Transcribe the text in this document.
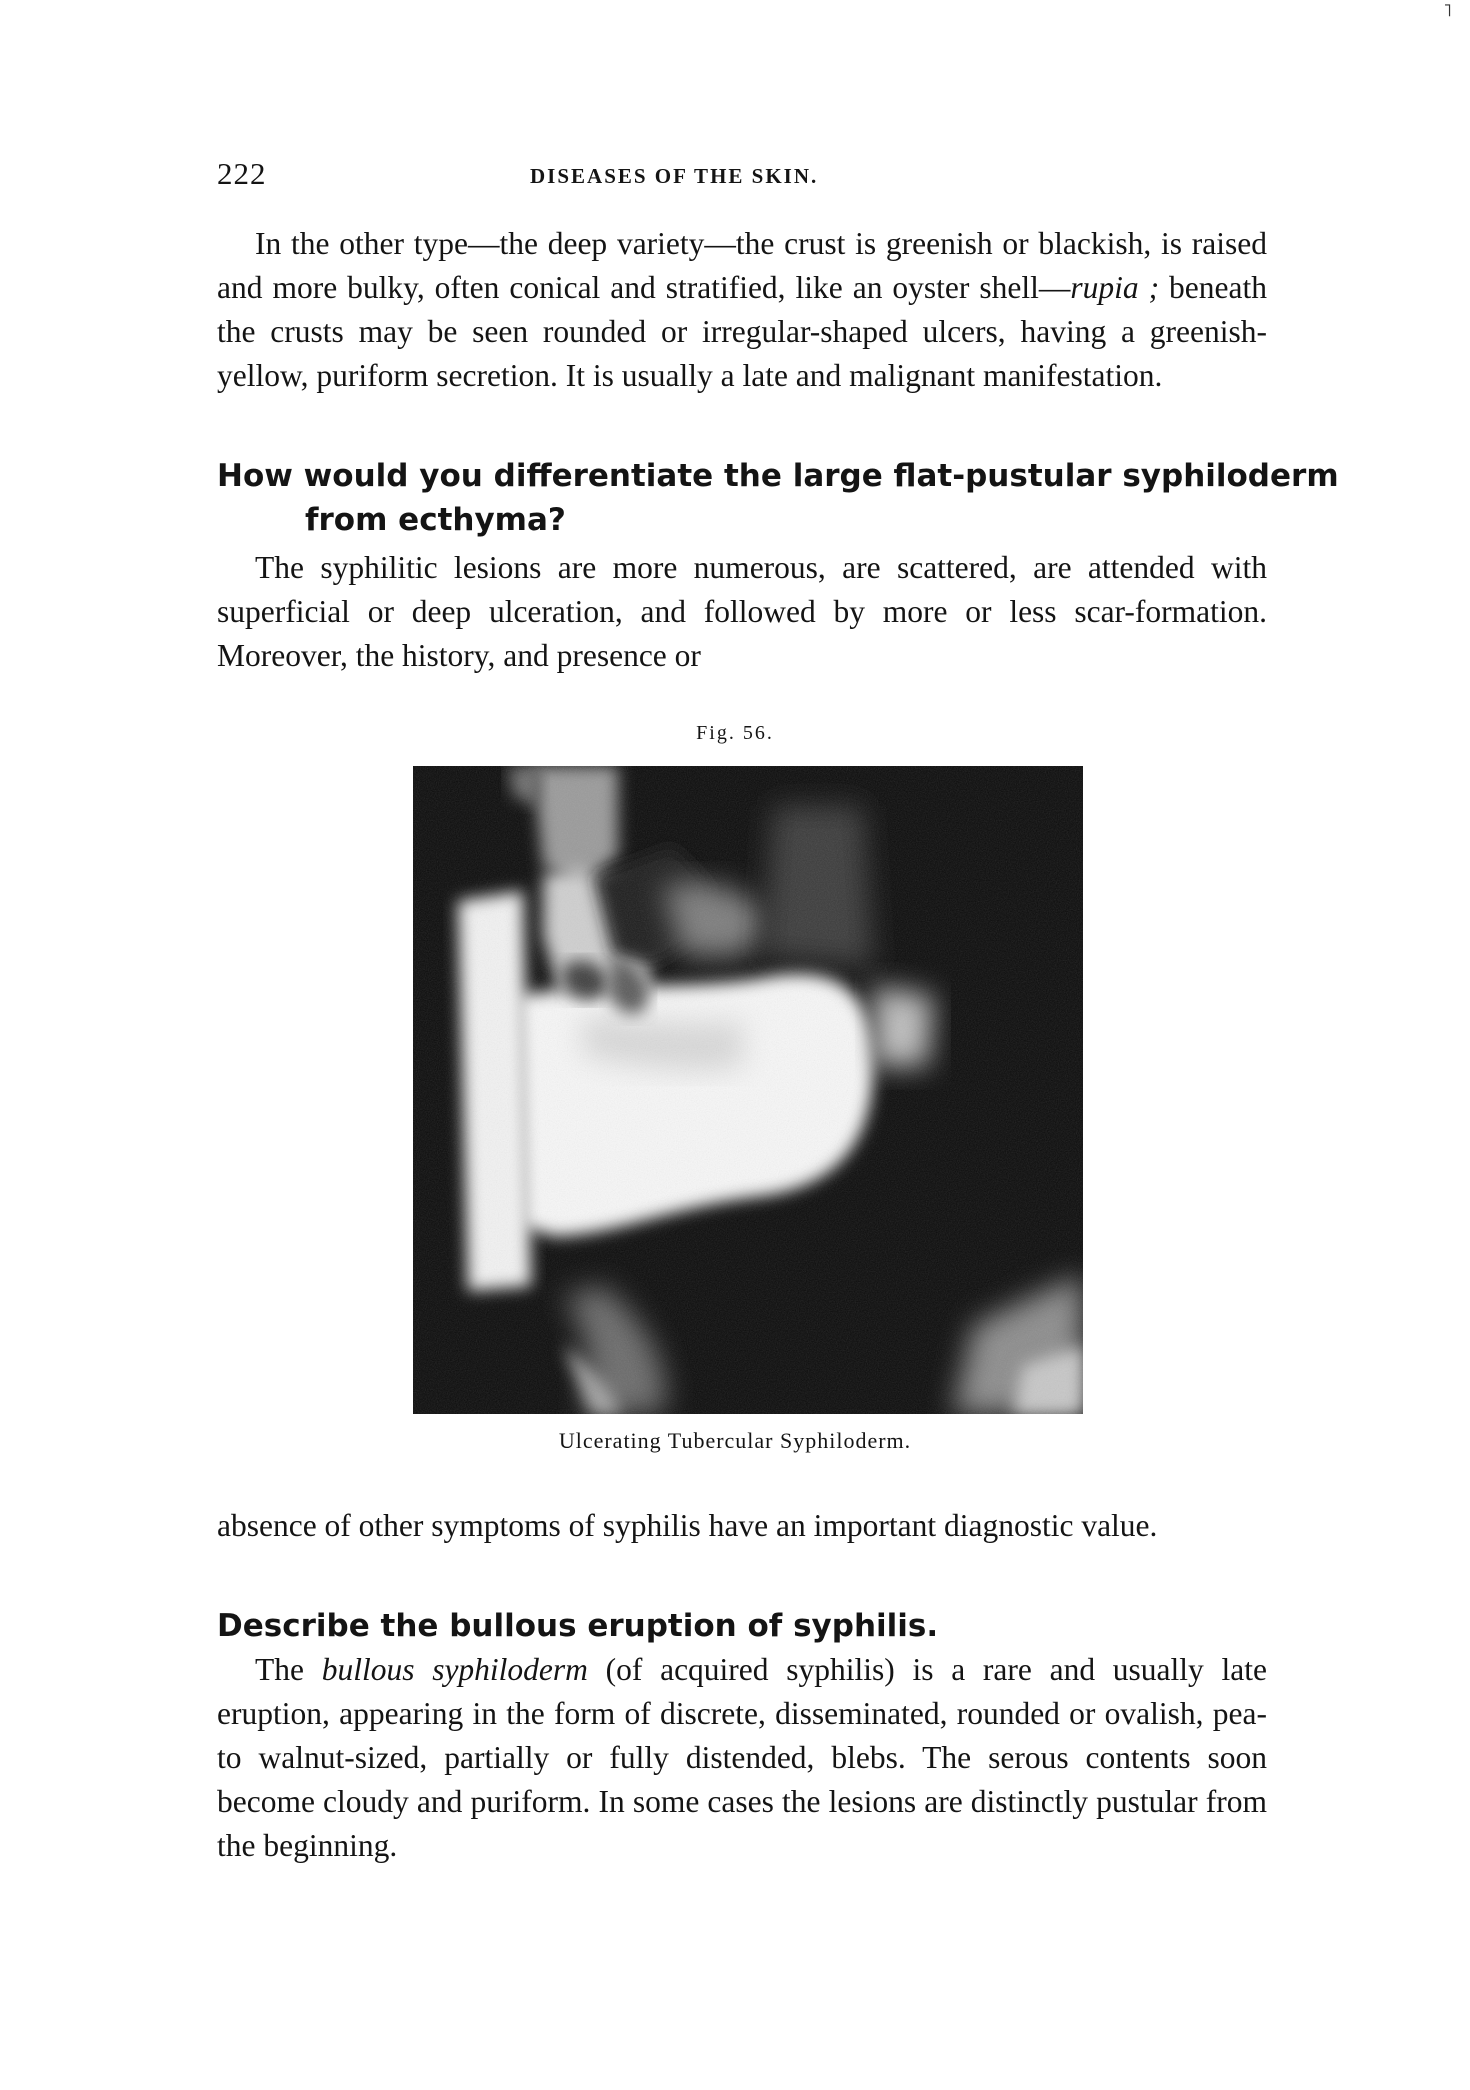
˥
222	DISEASES OF THE SKIN.

In the other type—the deep variety—the crust is greenish or blackish, is raised and more bulky, often conical and stratified, like an oyster shell—rupia ; beneath the crusts may be seen rounded or irregular-shaped ulcers, having a greenish-yellow, puriform secretion. It is usually a late and malignant manifestation.

How would you differentiate the large flat-pustular syphiloderm from ecthyma?

The syphilitic lesions are more numerous, are scattered, are attended with superficial or deep ulceration, and followed by more or less scar-formation. Moreover, the history, and presence or

Fig. 56.
Ulcerating Tubercular Syphiloderm.

absence of other symptoms of syphilis have an important diagnostic value.

Describe the bullous eruption of syphilis.

The bullous syphiloderm (of acquired syphilis) is a rare and usually late eruption, appearing in the form of discrete, disseminated, rounded or ovalish, pea- to walnut-sized, partially or fully distended, blebs. The serous contents soon become cloudy and puriform. In some cases the lesions are distinctly pustular from the beginning.
